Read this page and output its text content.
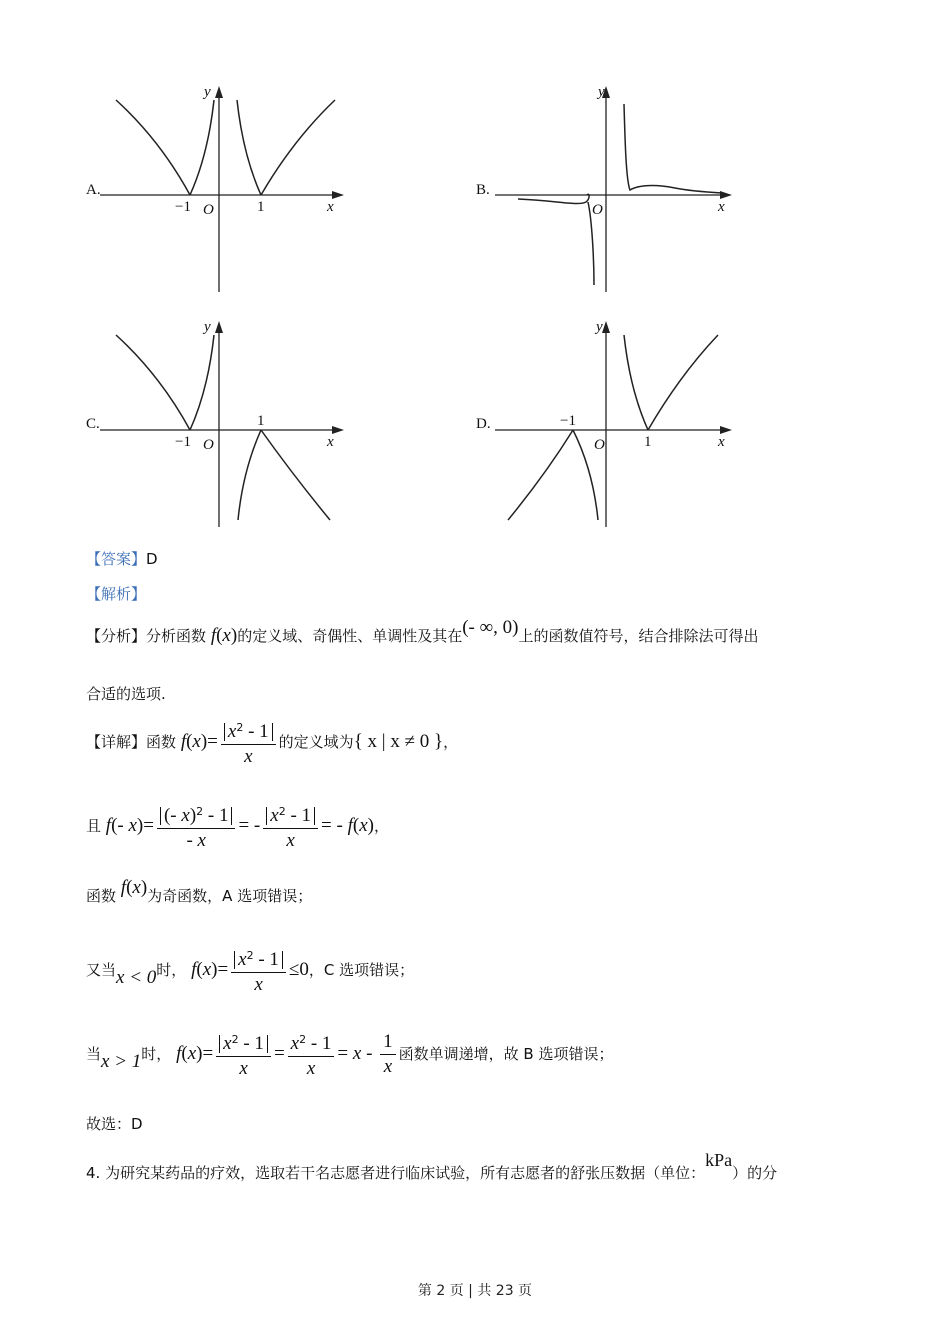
A.	B.
C.	D.
y
x
O
−1	1
y
x
O
y
x
O
−1
1
y
x
O
−1
1
【答案】D
【解析】
【分析】分析函数 f(x)的定义域、奇偶性、单调性及其在(- ∞, 0)上的函数值符号，结合排除法可得出
合适的选项.
【详解】函数 $f(x)= \frac{x^2 - 1}{x}$ 的定义域为{ x | x ≠ 0 }，
且 f(- $x)= \frac{(- x)^2 - 1}{- x}$ = - $\frac{x^2 - 1}{x}$ = - f(x)，
函数 f(x)为奇函数，A 选项错误；
又当x < 0时， $f(x)= \frac{x^2 - 1}{x} \le 0$，C 选项错误；
当x > 1时， $f(x)= \frac{x^2 - 1}{x} = \frac{x^2 - 1}{x} = x - \frac{1}{x}$ 函数单调递增，故 B 选项错误；
故选：D
4. 为研究某药品的疗效，选取若干名志愿者进行临床试验，所有志愿者的舒张压数据（单位：kPa）的分
第 2 页 | 共 23 页
